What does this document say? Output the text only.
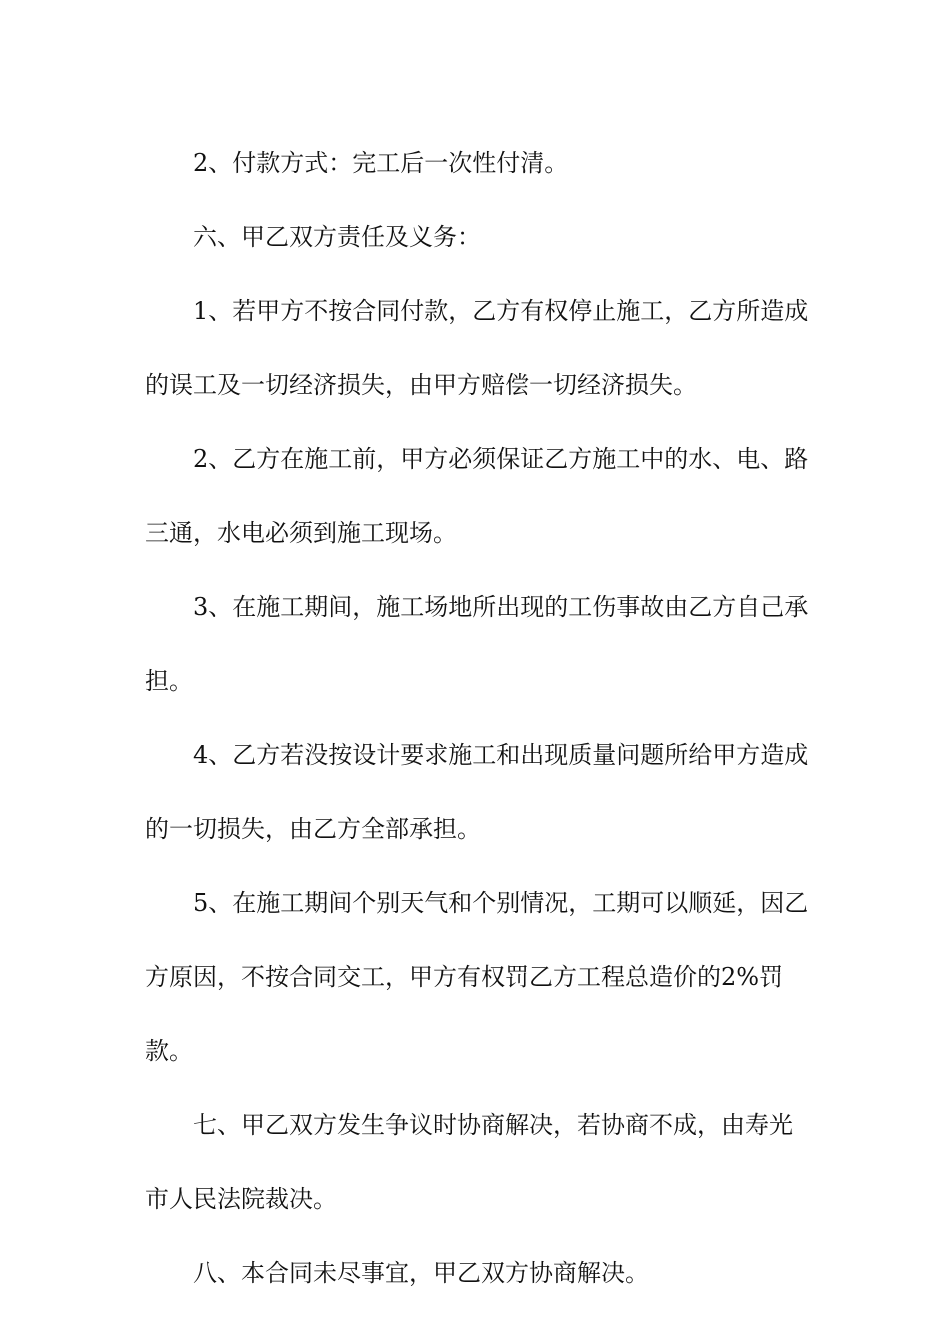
2、付款方式：完工后一次性付清。

六、甲乙双方责任及义务：

1、若甲方不按合同付款，乙方有权停止施工，乙方所造成的误工及一切经济损失，由甲方赔偿一切经济损失。

2、乙方在施工前，甲方必须保证乙方施工中的水、电、路三通，水电必须到施工现场。

3、在施工期间，施工场地所出现的工伤事故由乙方自己承担。

4、乙方若没按设计要求施工和出现质量问题所给甲方造成的一切损失，由乙方全部承担。

5、在施工期间个别天气和个别情况，工期可以顺延，因乙方原因，不按合同交工，甲方有权罚乙方工程总造价的2%罚款。

七、甲乙双方发生争议时协商解决，若协商不成，由寿光市人民法院裁决。

八、本合同未尽事宜，甲乙双方协商解决。
